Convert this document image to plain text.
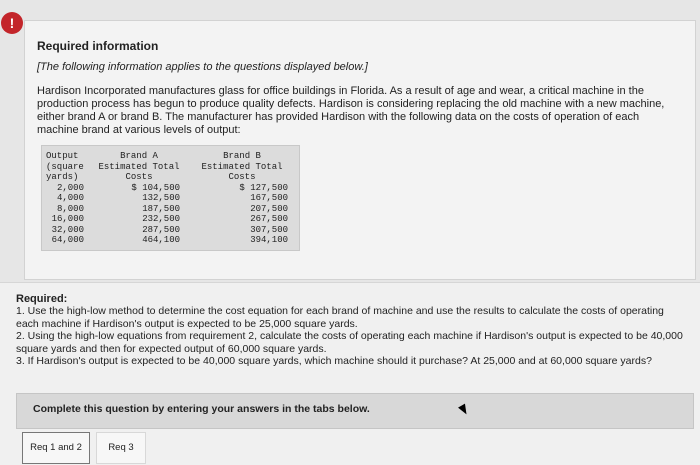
!
Required information
[The following information applies to the questions displayed below.]
Hardison Incorporated manufactures glass for office buildings in Florida. As a result of age and wear, a critical machine in the production process has begun to produce quality defects. Hardison is considering replacing the old machine with a new machine, either brand A or brand B. The manufacturer has provided Hardison with the following data on the costs of operation of each machine brand at various levels of output:
Output
(square
yards)
2,000
4,000
8,000
16,000
32,000
64,000
Brand A
Estimated Total
Costs
$ 104,500
132,500
187,500
232,500
287,500
464,100
Brand B
Estimated Total
Costs
$ 127,500
167,500
207,500
267,500
307,500
394,100
Required:
1. Use the high-low method to determine the cost equation for each brand of machine and use the results to calculate the costs of operating each machine if Hardison's output is expected to be 25,000 square yards.
2. Using the high-low equations from requirement 2, calculate the costs of operating each machine if Hardison's output is expected to be 40,000 square yards and then for expected output of 60,000 square yards.
3. If Hardison's output is expected to be 40,000 square yards, which machine should it purchase? At 25,000 and at 60,000 square yards?
Complete this question by entering your answers in the tabs below.
Req 1 and 2	Req 3
